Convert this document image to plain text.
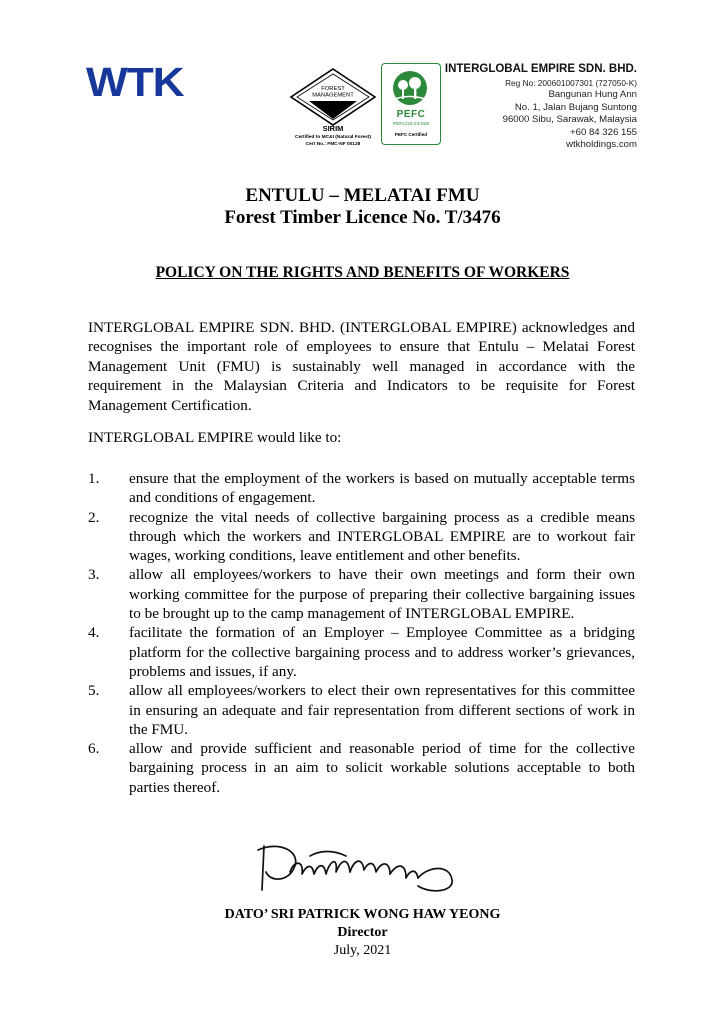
WTK	FOREST
MANAGEMENT
SIRIM
Certified to MC&I (Natural Forest)
Cert No.: FMC-NF 00128
PEFC
PEFC/34-23-029
PEFC Certified
INTERGLOBAL EMPIRE SDN. BHD.
Reg No: 200601007301 (727050-K)
Bangunan Hung Ann
No. 1, Jalan Bujang Suntong
96000 Sibu, Sarawak, Malaysia
+60 84 326 155
wtkholdings.com
ENTULU – MELATAI FMU
Forest Timber Licence No. T/3476
POLICY ON THE RIGHTS AND BENEFITS OF WORKERS
INTERGLOBAL EMPIRE SDN. BHD. (INTERGLOBAL EMPIRE) acknowledges and recognises the important role of employees to ensure that Entulu – Melatai Forest Management Unit (FMU) is sustainably well managed in accordance with the requirement in the Malaysian Criteria and Indicators to be requisite for Forest Management Certification.
INTERGLOBAL EMPIRE would like to:
1.	ensure that the employment of the workers is based on mutually acceptable terms and conditions of engagement.
2.	recognize the vital needs of collective bargaining process as a credible means through which the workers and INTERGLOBAL EMPIRE are to workout fair wages, working conditions, leave entitlement and other benefits.
3.	allow all employees/workers to have their own meetings and form their own working committee for the purpose of preparing their collective bargaining issues to be brought up to the camp management of INTERGLOBAL EMPIRE.
4.	facilitate the formation of an Employer – Employee Committee as a bridging platform for the collective bargaining process and to address worker’s grievances, problems and issues, if any.
5.	allow all employees/workers to elect their own representatives for this committee in ensuring an adequate and fair representation from different sections of work in the FMU.
6.	allow and provide sufficient and reasonable period of time for the collective bargaining process in an aim to solicit workable solutions acceptable to both parties thereof.
DATO’ SRI PATRICK WONG HAW YEONG
Director
July, 2021
